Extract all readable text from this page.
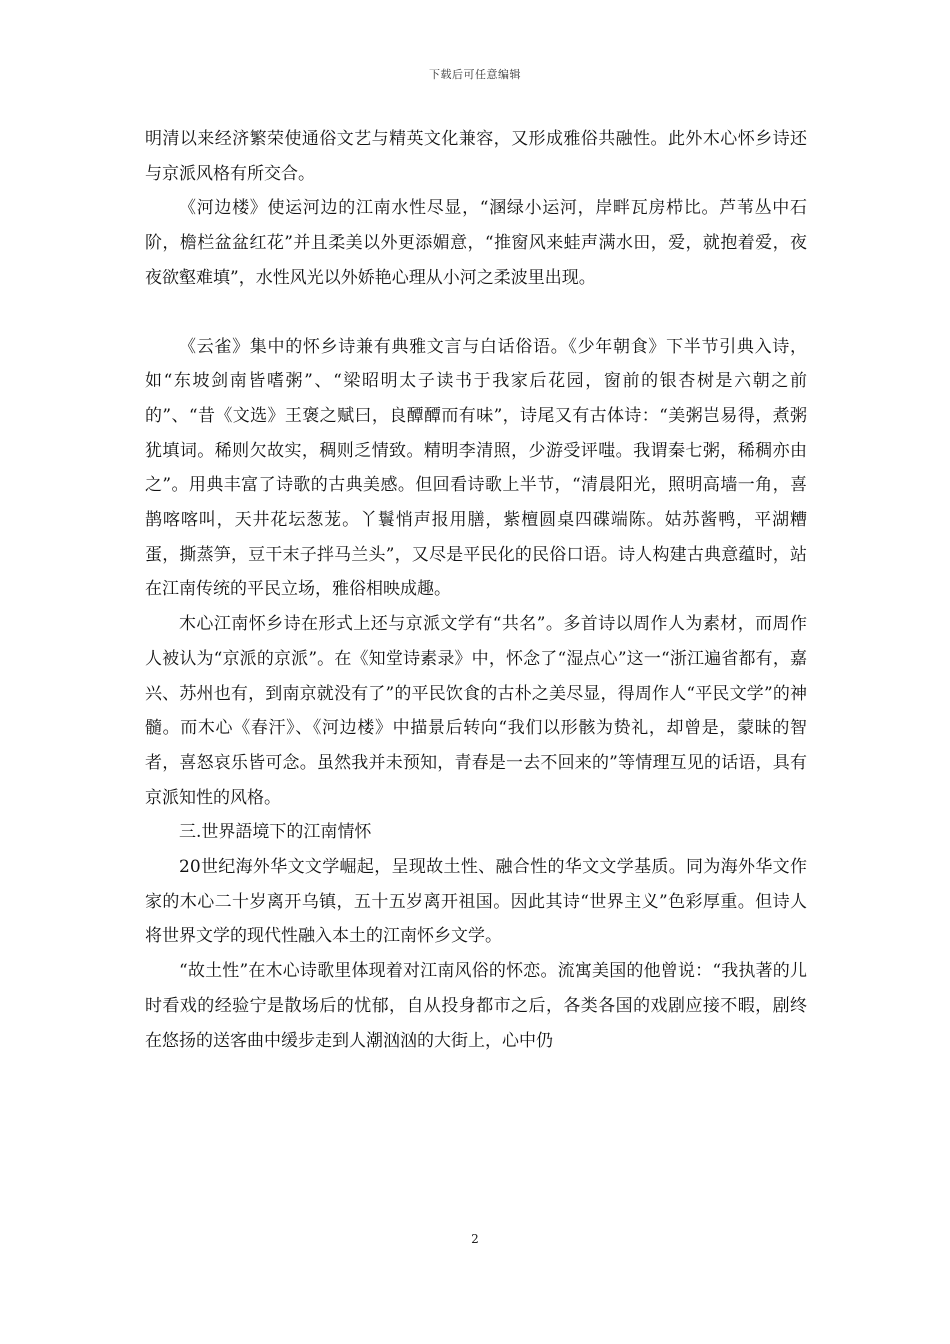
下载后可任意编辑

明清以来经济繁荣使通俗文艺与精英文化兼容，又形成雅俗共融性。此外木心怀乡诗还与京派风格有所交合。

《河边楼》使运河边的江南水性尽显，“溷绿小运河，岸畔瓦房栉比。芦苇丛中石阶，檐栏盆盆红花”并且柔美以外更添媚意，“推窗风来蛙声满水田，爱，就抱着爱，夜夜欲壑难填”，水性风光以外娇艳心理从小河之柔波里出现。

《云雀》集中的怀乡诗兼有典雅文言与白话俗语。《少年朝食》下半节引典入诗，如“东坡剑南皆嗜粥”、“梁昭明太子读书于我家后花园，窗前的银杏树是六朝之前的”、“昔《文选》王褒之赋曰，良醰醰而有味”，诗尾又有古体诗：“美粥岂易得，煮粥犹填词。稀则欠故实，稠则乏情致。精明李清照，少游受评嗤。我谓秦七粥，稀稠亦由之”。用典丰富了诗歌的古典美感。但回看诗歌上半节，“清晨阳光，照明高墙一角，喜鹊喀喀叫，天井花坛葱茏。丫鬟悄声报用膳，紫檀圆桌四碟端陈。姑苏酱鸭，平湖糟蛋，撕蒸笋，豆干末子拌马兰头”，又尽是平民化的民俗口语。诗人构建古典意蕴时，站在江南传统的平民立场，雅俗相映成趣。

木心江南怀乡诗在形式上还与京派文学有“共名”。多首诗以周作人为素材，而周作人被认为“京派的京派”。在《知堂诗素录》中，怀念了“湿点心”这一“浙江遍省都有，嘉兴、苏州也有，到南京就没有了”的平民饮食的古朴之美尽显，得周作人“平民文学”的神髓。而木心《春汗》、《河边楼》中描景后转向“我们以形骸为贽礼，却曾是，蒙昧的智者，喜怒哀乐皆可念。虽然我并未预知，青春是一去不回来的”等情理互见的话语，具有京派知性的风格。

三.世界語境下的江南情怀

20世纪海外华文文学崛起，呈现故土性、融合性的华文文学基质。同为海外华文作家的木心二十岁离开乌镇，五十五岁离开祖国。因此其诗“世界主义”色彩厚重。但诗人将世界文学的现代性融入本土的江南怀乡文学。

“故土性”在木心诗歌里体现着对江南风俗的怀恋。流寓美国的他曾说：“我执著的儿时看戏的经验宁是散场后的忧郁，自从投身都市之后，各类各国的戏剧应接不暇，剧终在悠扬的送客曲中缓步走到人潮汹汹的大街上，心中仍

2
